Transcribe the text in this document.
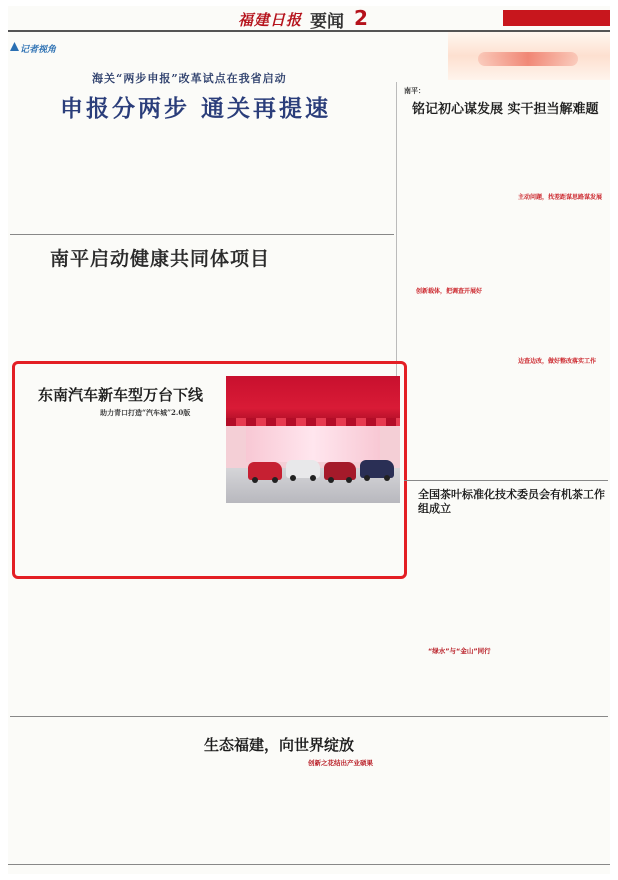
福建日报 要闻 2
记者视角
海关“两步申报”改革试点在我省启动
申报分两步 通关再提速
南平：
铭记初心谋发展 实干担当解难题
主动问题，找差距谋思路谋发展
创新载体，把调查开展好
边查边改，做好整改落实工作
南平启动健康共同体项目
东南汽车新车型万台下线
助力青口打造“汽车城”2.0版
全国茶叶标准化技术委员会有机茶工作组成立
生态福建，向世界绽放
创新之花结出产业硕果
“绿水”与“金山”同行
